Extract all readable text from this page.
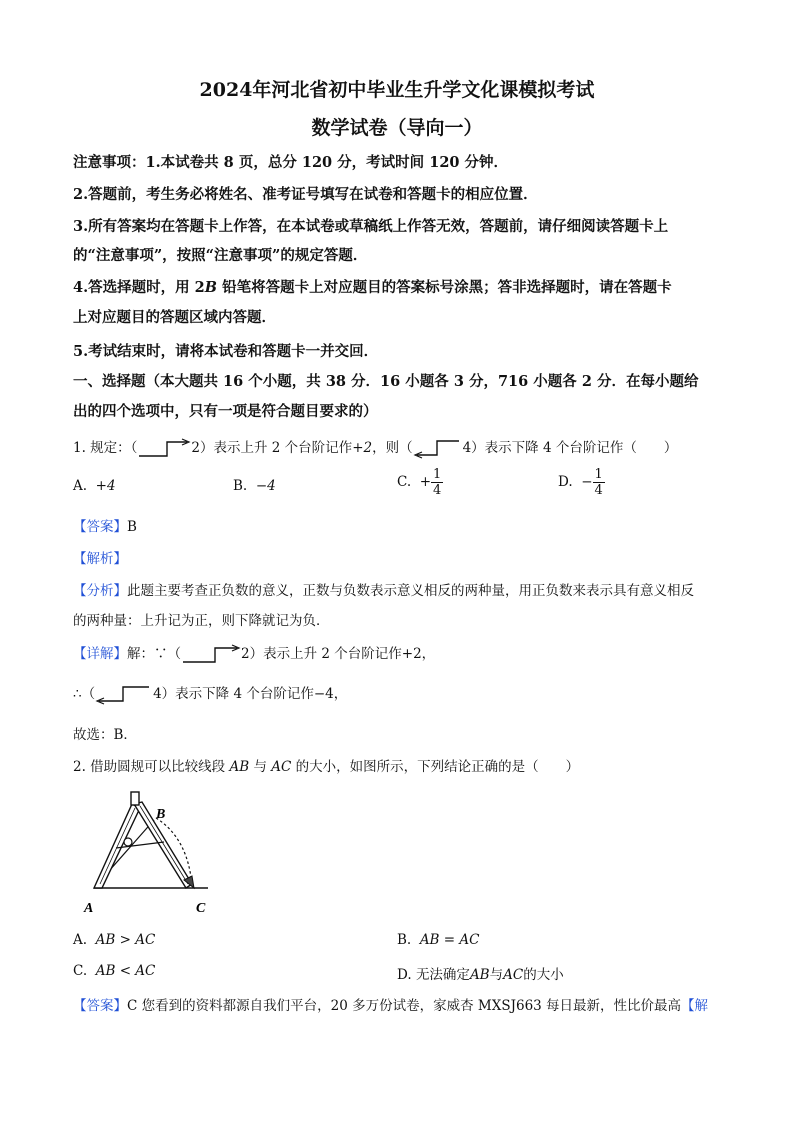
2024年河北省初中毕业生升学文化课模拟考试
数学试卷（导向一）
注意事项：1.本试卷共 8 页，总分 120 分，考试时间 120 分钟．
2.答题前，考生务必将姓名、准考证号填写在试卷和答题卡的相应位置．
3.所有答案均在答题卡上作答，在本试卷或草稿纸上作答无效，答题前，请仔细阅读答题卡上
的“注意事项”，按照“注意事项”的规定答题．
4.答选择题时，用 2B 铅笔将答题卡上对应题目的答案标号涂黑；答非选择题时，请在答题卡
上对应题目的答题区域内答题．
5.考试结束时，请将本试卷和答题卡一并交回．
一、选择题（本大题共 16 个小题，共 38 分．16 小题各 3 分，716 小题各 2 分．在每小题给
出的四个选项中，只有一项是符合题目要求的）
1. 规定：（	2）表示上升 2 个台阶记作+2，则（	4）表示下降 4 个台阶记作（　　）
A. +4	B. −4	C. + $\frac{1}{4}$	D. − $\frac{1}{4}$
【答案】B
【解析】
【分析】此题主要考查正负数的意义，正数与负数表示意义相反的两种量，用正负数来表示具有意义相反
的两种量：上升记为正，则下降就记为负．
【详解】解：∵（	2）表示上升 2 个台阶记作+2，
∴（	4）表示下降 4 个台阶记作−4，
故选：B．
2. 借助圆规可以比较线段 AB 与 AC 的大小，如图所示，下列结论正确的是（　　）
A
B
C
A. AB > AC	B. AB = AC
C. AB < AC	D. 无法确定AB与AC的大小
【答案】C 您看到的资料都源自我们平台，20 多万份试卷，家威杏 MXSJ663 每日最新，性比价最高【解
